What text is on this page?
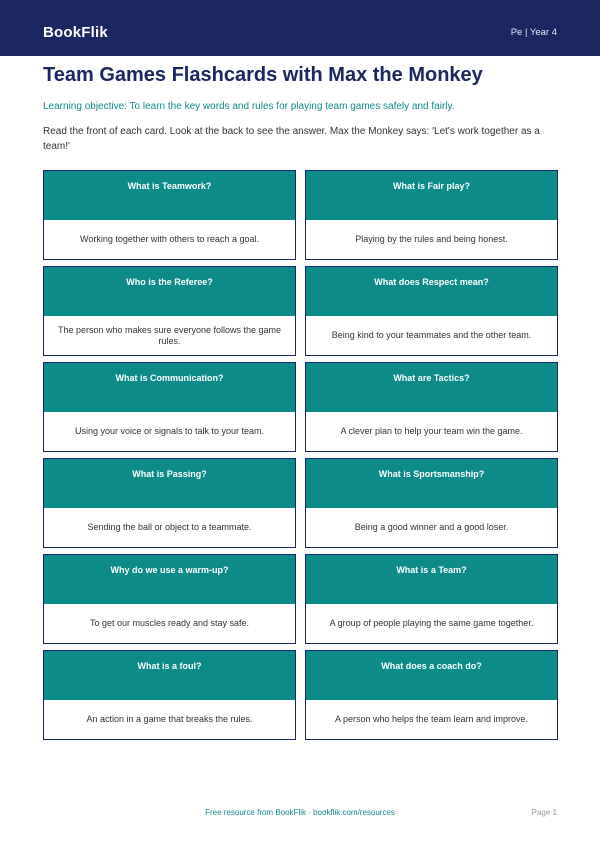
BookFlik	Pe | Year 4
Team Games Flashcards with Max the Monkey
Learning objective: To learn the key words and rules for playing team games safely and fairly.
Read the front of each card. Look at the back to see the answer. Max the Monkey says: 'Let's work together as a team!'
What is Teamwork?
Working together with others to reach a goal.
What is Fair play?
Playing by the rules and being honest.
Who is the Referee?
The person who makes sure everyone follows the game rules.
What does Respect mean?
Being kind to your teammates and the other team.
What is Communication?
Using your voice or signals to talk to your team.
What are Tactics?
A clever plan to help your team win the game.
What is Passing?
Sending the ball or object to a teammate.
What is Sportsmanship?
Being a good winner and a good loser.
Why do we use a warm-up?
To get our muscles ready and stay safe.
What is a Team?
A group of people playing the same game together.
What is a foul?
An action in a game that breaks the rules.
What does a coach do?
A person who helps the team learn and improve.
Free resource from BookFlik · bookflik.com/resources	Page 1
